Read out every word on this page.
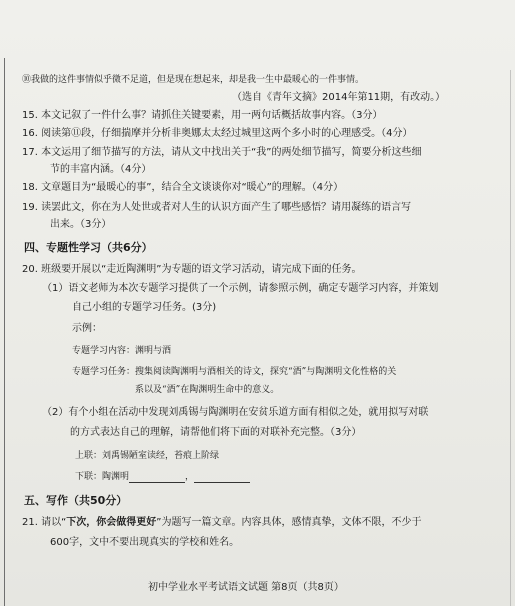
⑩我做的这件事情似乎微不足道，但是现在想起来，却是我一生中最暖心的一件事情。
（选自《青年文摘》2014年第11期，有改动。）
15. 本文记叙了一件什么事？请抓住关键要素，用一两句话概括故事内容。（3分）
16. 阅读第⑪段，仔细揣摩并分析非奥娜太太经过城里这两个多小时的心理感受。（4分）
17. 本文运用了细节描写的方法，请从文中找出关于“我”的两处细节描写，简要分析这些细
节的丰富内涵。（4分）
18. 文章题目为“最暖心的事”，结合全文谈谈你对“暖心”的理解。（4分）
19. 读罢此文，你在为人处世或者对人生的认识方面产生了哪些感悟？请用凝练的语言写
出来。（3分）
四、专题性学习（共6分）
20. 班级要开展以“走近陶渊明”为专题的语文学习活动，请完成下面的任务。
（1）语文老师为本次专题学习提供了一个示例，请参照示例，确定专题学习内容，并策划
自己小组的专题学习任务。(3分)
示例：
专题学习内容：渊明与酒
专题学习任务：搜集阅读陶渊明与酒相关的诗文，探究“酒”与陶渊明文化性格的关
系以及“酒”在陶渊明生命中的意义。
（2）有个小组在活动中发现刘禹锡与陶渊明在安贫乐道方面有相似之处，就用拟写对联
的方式表达自己的理解，请帮他们将下面的对联补充完整。（3分）
上联：刘禹锡陋室读经，苔痕上阶绿
下联：陶渊明	，
五、写作（共50分）
21. 请以“下次，你会做得更好”为题写一篇文章。内容具体，感情真挚，文体不限，不少于
600字，文中不要出现真实的学校和姓名。
初中学业水平考试语文试题 第8页（共8页）
